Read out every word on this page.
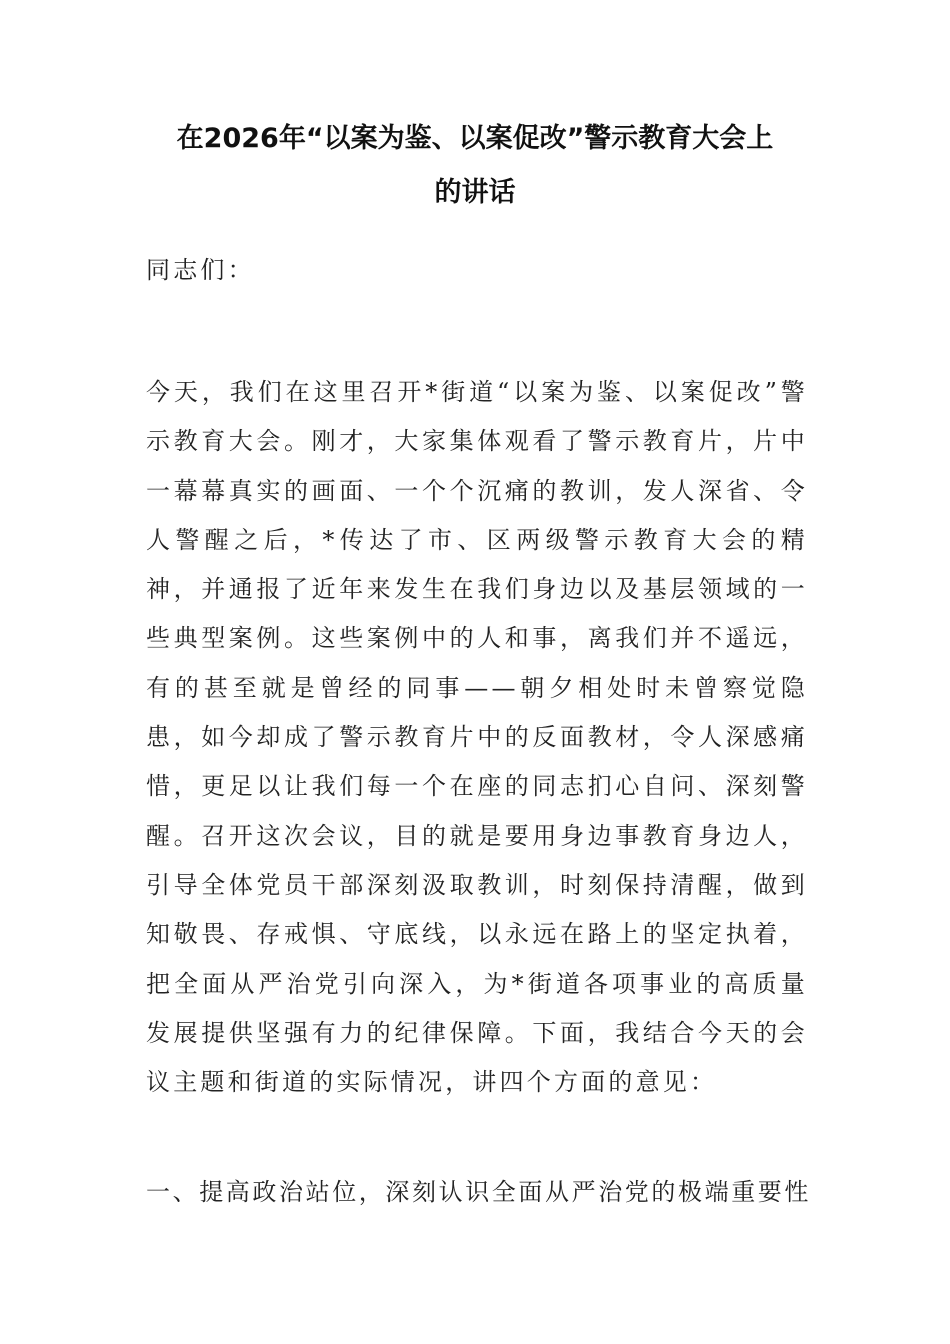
在2026年“以案为鉴、以案促改”警示教育大会上
的讲话

同志们：

今天，我们在这里召开*街道“以案为鉴、以案促改”警示教育大会。刚才，大家集体观看了警示教育片，片中一幕幕真实的画面、一个个沉痛的教训，发人深省、令人警醒之后，*传达了市、区两级警示教育大会的精神，并通报了近年来发生在我们身边以及基层领域的一些典型案例。这些案例中的人和事，离我们并不遥远，有的甚至就是曾经的同事——朝夕相处时未曾察觉隐患，如今却成了警示教育片中的反面教材，令人深感痛惜，更足以让我们每一个在座的同志扪心自问、深刻警醒。召开这次会议，目的就是要用身边事教育身边人，引导全体党员干部深刻汲取教训，时刻保持清醒，做到知敬畏、存戒惧、守底线，以永远在路上的坚定执着，把全面从严治党引向深入，为*街道各项事业的高质量发展提供坚强有力的纪律保障。下面，我结合今天的会议主题和街道的实际情况，讲四个方面的意见：

一、提高政治站位，深刻认识全面从严治党的极端重要性
